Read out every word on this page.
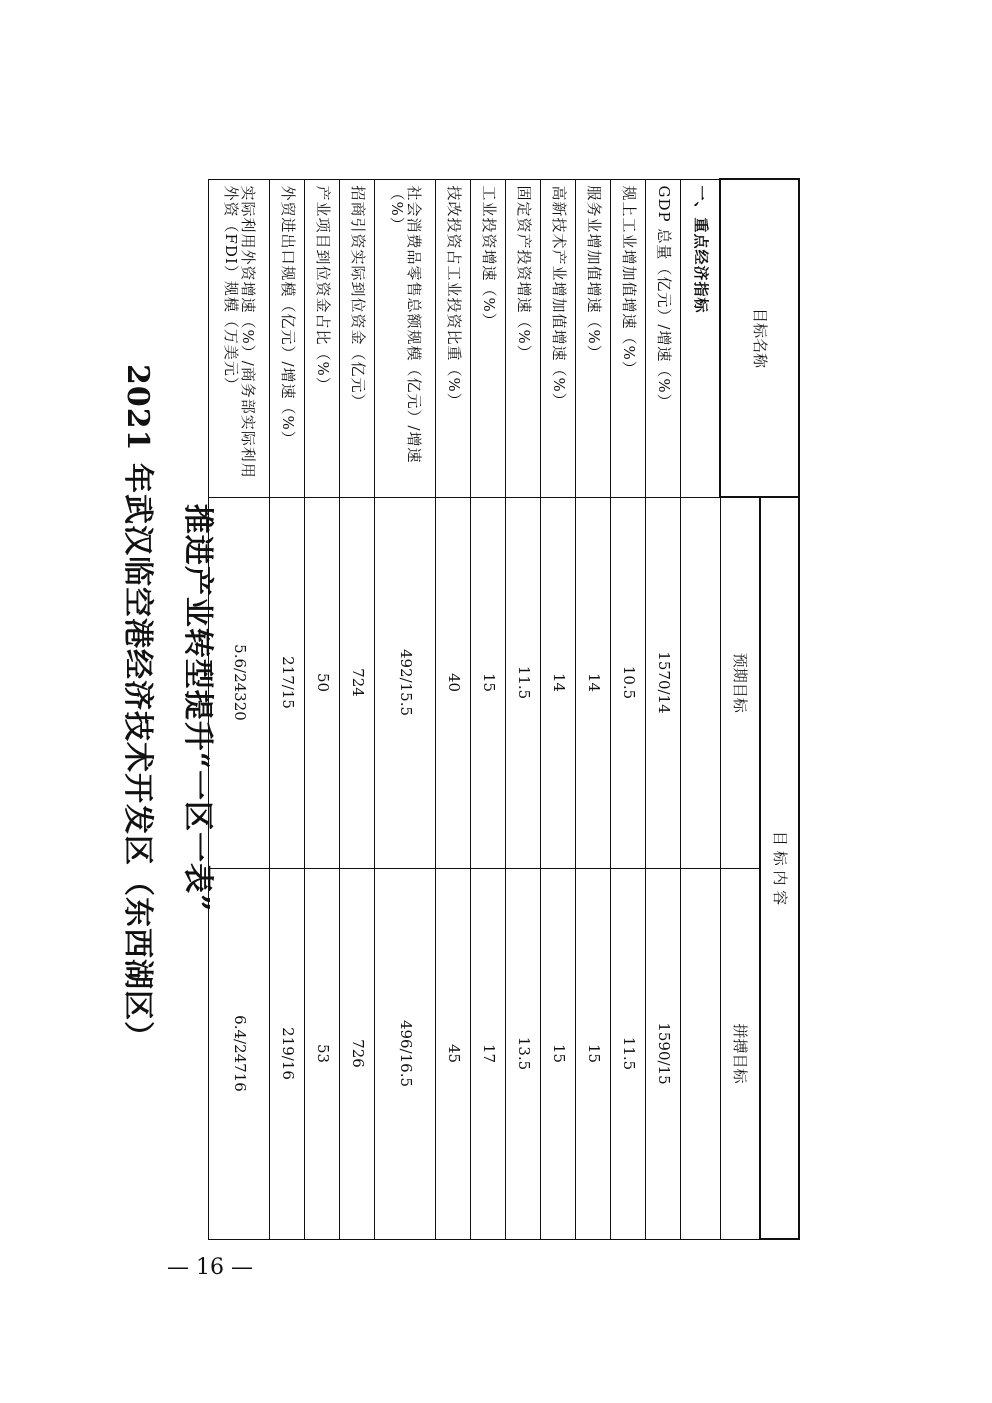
目标名称	目 标 内 容	
	预期目标	拼搏目标
一、重点经济指标		
GDP 总量（亿元）/增速（%）	1570/14	1590/15
规上工业增加值增速（%）	10.5	11.5
服务业增加值增速（%）	14	15
高新技术产业增加值增速（%）	14	15
固定资产投资增速（%）	11.5	13.5
工业投资增速（%）	15	17
技改投资占工业投资比重（%）	40	45
社会消费品零售总额规模（亿元）/增速（%）	492/15.5	496/16.5
招商引资实际到位资金（亿元）	724	726
产业项目到位资金占比（%）	50	53
外贸进出口规模（亿元）/增速（%）	217/15	219/16
实际利用外资增速（%）/商务部实际利用外资（FDI）规模（万美元）	5.6/24320	6.4/24716
推进产业转型提升“一区一表”
2021 年武汉临空港经济技术开发区（东西湖区）
— 16 —
